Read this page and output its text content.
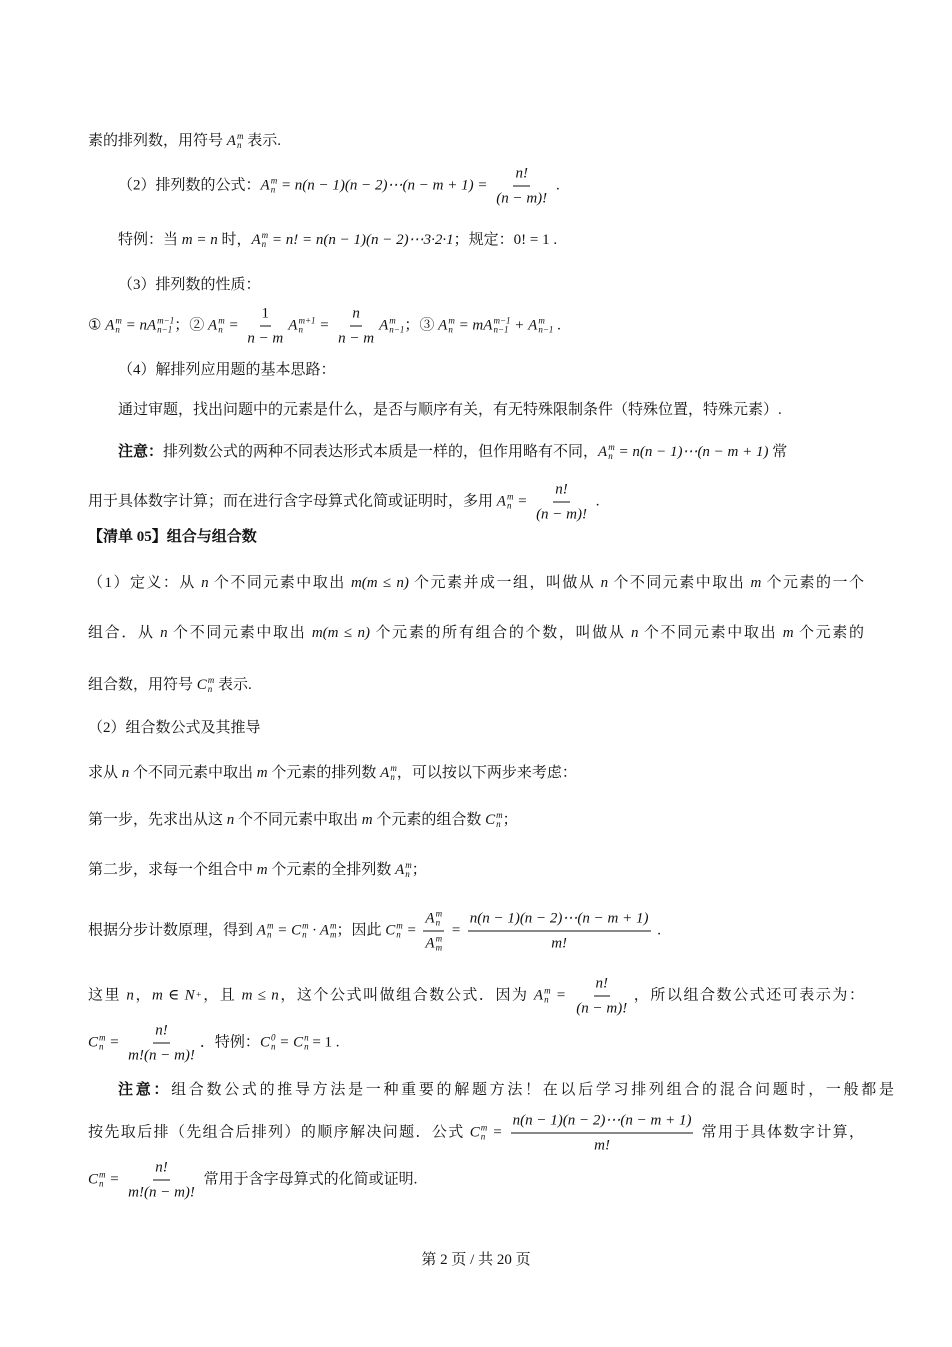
素的排列数，用符号 A m
n 表示.
（2）排列数的公式： A m
n = n(n − 1)(n − 2)⋯(n − $m + 1) = \frac{n!}{(n - m)!}$ .
特例：当 m = n 时， A m
n = n! = n(n − 1)(n − 2)⋯3·2·1；规定：0! = 1 .
（3）排列数的性质：
① A m
n = n A m−1
n−1 ；② A m
$n = \frac{1}{n - m}$ A m+1
$n = \frac{n}{n - m}$ A m
n−1 ；③ A m
n = m A m−1
n−1 + A m
n−1 .
（4）解排列应用题的基本思路：
通过审题，找出问题中的元素是什么，是否与顺序有关，有无特殊限制条件（特殊位置，特殊元素）.
注意：排列数公式的两种不同表达形式本质是一样的，但作用略有不同， A m
n = n(n − 1)⋯(n − m + 1) 常
用于具体数字计算；而在进行含字母算式化简或证明时，多用 A m
$n = \frac{n!}{(n - m)!}$ .
【清单 05】组合与组合数
（1）定义：从 n 个不同元素中取出 m(m ≤ n) 个元素并成一组，叫做从 n 个不同元素中取出 m 个元素的一个
组合．从 n 个不同元素中取出 m(m ≤ n) 个元素的所有组合的个数，叫做从 n 个不同元素中取出 m 个元素的
组合数，用符号 C m
n 表示.
（2）组合数公式及其推导
求从 n 个不同元素中取出 m 个元素的排列数 A m
n ，可以按以下两步来考虑：
第一步，先求出从这 n 个不同元素中取出 m 个元素的组合数 C m
n ；
第二步，求每一个组合中 m 个元素的全排列数 A m
n ；
根据分步计数原理，得到 A m
n = C m
n · A m
m ；因此 C m
n = A m
n
A m
$m = \frac{n(n - 1)(n - 2)\cdots(n - m + 1)}{m!}$ .
这里 n，m ∈ N + ，且 m ≤ n，这个公式叫做组合数公式．因为 A m
$n = \frac{n!}{(n - m)!}$ ，所以组合数公式还可表示为：
C m
$n = \frac{n!}{m!(n - m)!}$ ．特例： C 0
n = C n
n = 1 .
注意：组合数公式的推导方法是一种重要的解题方法！在以后学习排列组合的混合问题时，一般都是
按先取后排（先组合后排列）的顺序解决问题．公式 C m
$n = \frac{n(n - 1)(n - 2)\cdots(n - m + 1)}{m!}$ 常用于具体数字计算，
C m
$n = \frac{n!}{m!(n - m)!}$ 常用于含字母算式的化简或证明.
第 2 页 / 共 20 页
